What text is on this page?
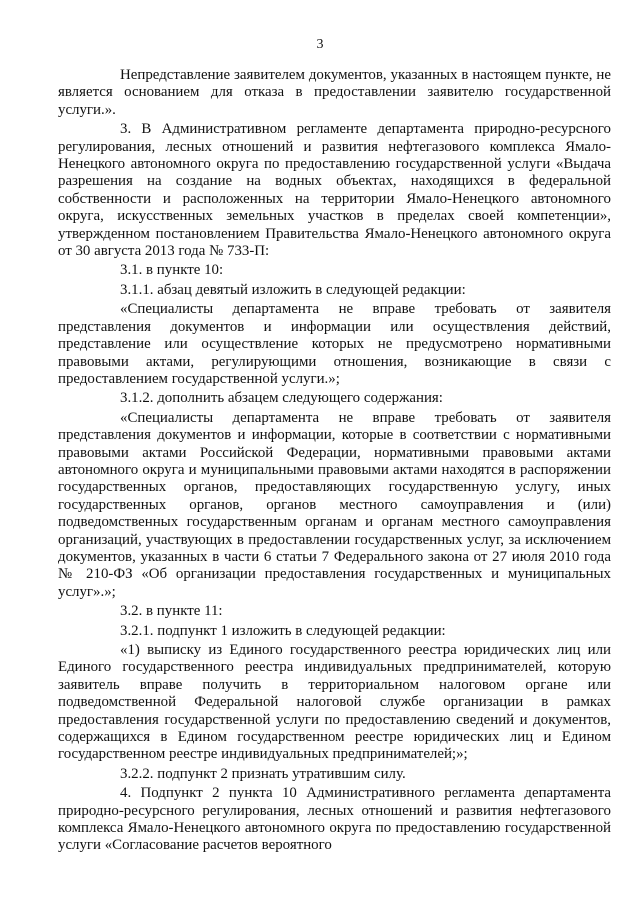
3

Непредставление заявителем документов, указанных в настоящем пункте, не является основанием для отказа в предоставлении заявителю государственной услуги.».

3. В Административном регламенте департамента природно-ресурсного регулирования, лесных отношений и развития нефтегазового комплекса Ямало-Ненецкого автономного округа по предоставлению государственной услуги «Выдача разрешения на создание на водных объектах, находящихся в федеральной собственности и расположенных на территории Ямало-Ненецкого автономного округа, искусственных земельных участков в пределах своей компетенции», утвержденном постановлением Правительства Ямало-Ненецкого автономного округа от 30 августа 2013 года № 733-П:

3.1. в пункте 10:

3.1.1. абзац девятый изложить в следующей редакции:

«Специалисты департамента не вправе требовать от заявителя представления документов и информации или осуществления действий, представление или осуществление которых не предусмотрено нормативными правовыми актами, регулирующими отношения, возникающие в связи с предоставлением государственной услуги.»;

3.1.2. дополнить абзацем следующего содержания:

«Специалисты департамента не вправе требовать от заявителя представления документов и информации, которые в соответствии с нормативными правовыми актами Российской Федерации, нормативными правовыми актами автономного округа и муниципальными правовыми актами находятся в распоряжении государственных органов, предоставляющих государственную услугу, иных государственных органов, органов местного самоуправления и (или) подведомственных государственным органам и органам местного самоуправления организаций, участвующих в предоставлении государственных услуг, за исключением документов, указанных в части 6 статьи 7 Федерального закона от 27 июля 2010 года № 210-ФЗ «Об организации предоставления государственных и муниципальных услуг».»;

3.2. в пункте 11:

3.2.1. подпункт 1 изложить в следующей редакции:

«1) выписку из Единого государственного реестра юридических лиц или Единого государственного реестра индивидуальных предпринимателей, которую заявитель вправе получить в территориальном налоговом органе или подведомственной Федеральной налоговой службе организации в рамках предоставления государственной услуги по предоставлению сведений и документов, содержащихся в Едином государственном реестре юридических лиц и Едином государственном реестре индивидуальных предпринимателей;»;

3.2.2. подпункт 2 признать утратившим силу.

4. Подпункт 2 пункта 10 Административного регламента департамента природно-ресурсного регулирования, лесных отношений и развития нефтегазового комплекса Ямало-Ненецкого автономного округа по предоставлению государственной услуги «Согласование расчетов вероятного
